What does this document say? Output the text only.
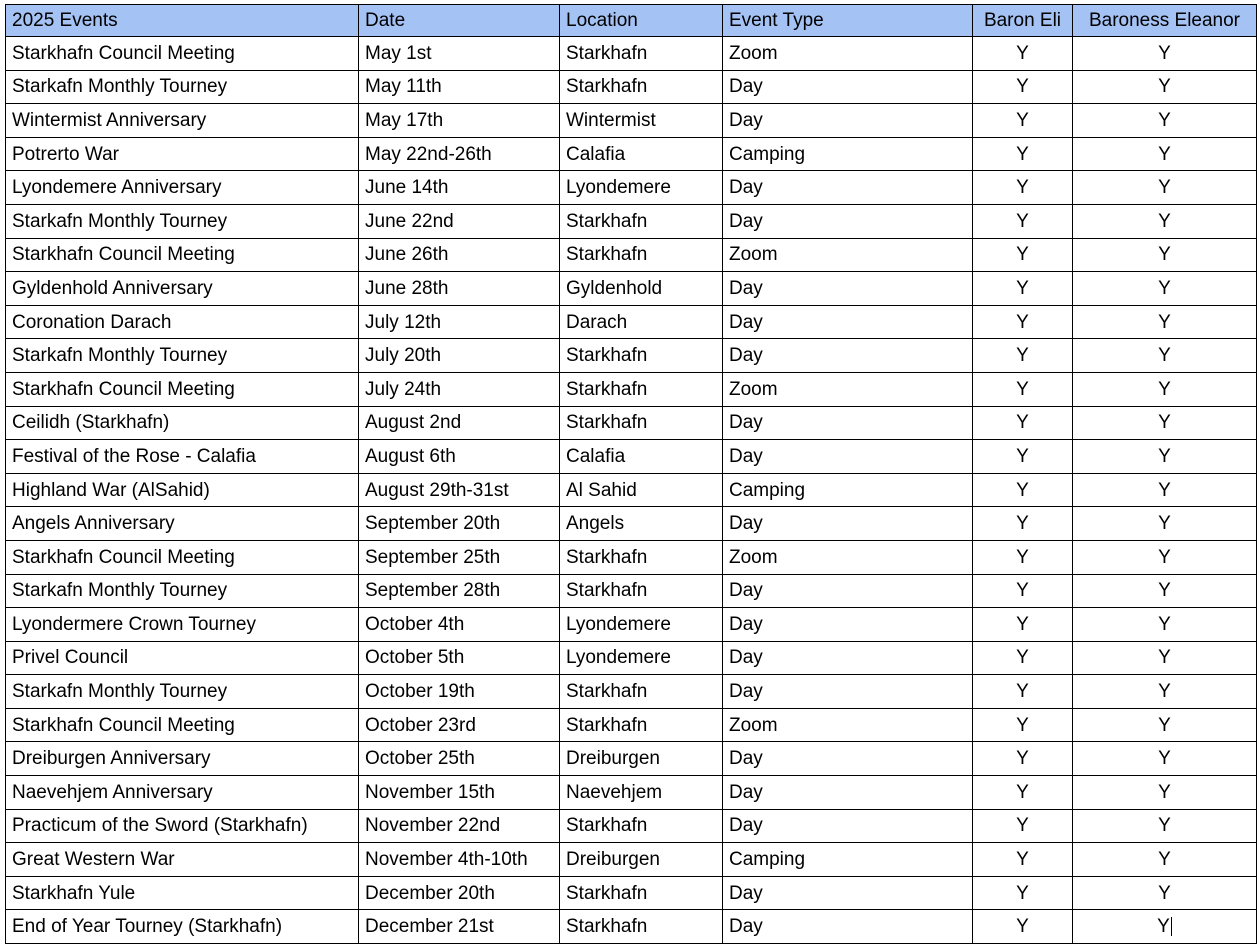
2025 Events	Date	Location	Event Type	Baron Eli	Baroness Eleanor
Starkhafn Council Meeting	May 1st	Starkhafn	Zoom	Y	Y
Starkafn Monthly Tourney	May 11th	Starkhafn	Day	Y	Y
Wintermist Anniversary	May 17th	Wintermist	Day	Y	Y
Potrerto War	May 22nd-26th	Calafia	Camping	Y	Y
Lyondemere Anniversary	June 14th	Lyondemere	Day	Y	Y
Starkafn Monthly Tourney	June 22nd	Starkhafn	Day	Y	Y
Starkhafn Council Meeting	June 26th	Starkhafn	Zoom	Y	Y
Gyldenhold Anniversary	June 28th	Gyldenhold	Day	Y	Y
Coronation Darach	July 12th	Darach	Day	Y	Y
Starkafn Monthly Tourney	July 20th	Starkhafn	Day	Y	Y
Starkhafn Council Meeting	July 24th	Starkhafn	Zoom	Y	Y
Ceilidh (Starkhafn)	August 2nd	Starkhafn	Day	Y	Y
Festival of the Rose - Calafia	August 6th	Calafia	Day	Y	Y
Highland War (AlSahid)	August 29th-31st	Al Sahid	Camping	Y	Y
Angels Anniversary	September 20th	Angels	Day	Y	Y
Starkhafn Council Meeting	September 25th	Starkhafn	Zoom	Y	Y
Starkafn Monthly Tourney	September 28th	Starkhafn	Day	Y	Y
Lyondermere Crown Tourney	October 4th	Lyondemere	Day	Y	Y
Privel Council	October 5th	Lyondemere	Day	Y	Y
Starkafn Monthly Tourney	October 19th	Starkhafn	Day	Y	Y
Starkhafn Council Meeting	October 23rd	Starkhafn	Zoom	Y	Y
Dreiburgen Anniversary	October 25th	Dreiburgen	Day	Y	Y
Naevehjem Anniversary	November 15th	Naevehjem	Day	Y	Y
Practicum of the Sword (Starkhafn)	November 22nd	Starkhafn	Day	Y	Y
Great Western War	November 4th-10th	Dreiburgen	Camping	Y	Y
Starkhafn Yule	December 20th	Starkhafn	Day	Y	Y
End of Year Tourney (Starkhafn)	December 21st	Starkhafn	Day	Y	Y
